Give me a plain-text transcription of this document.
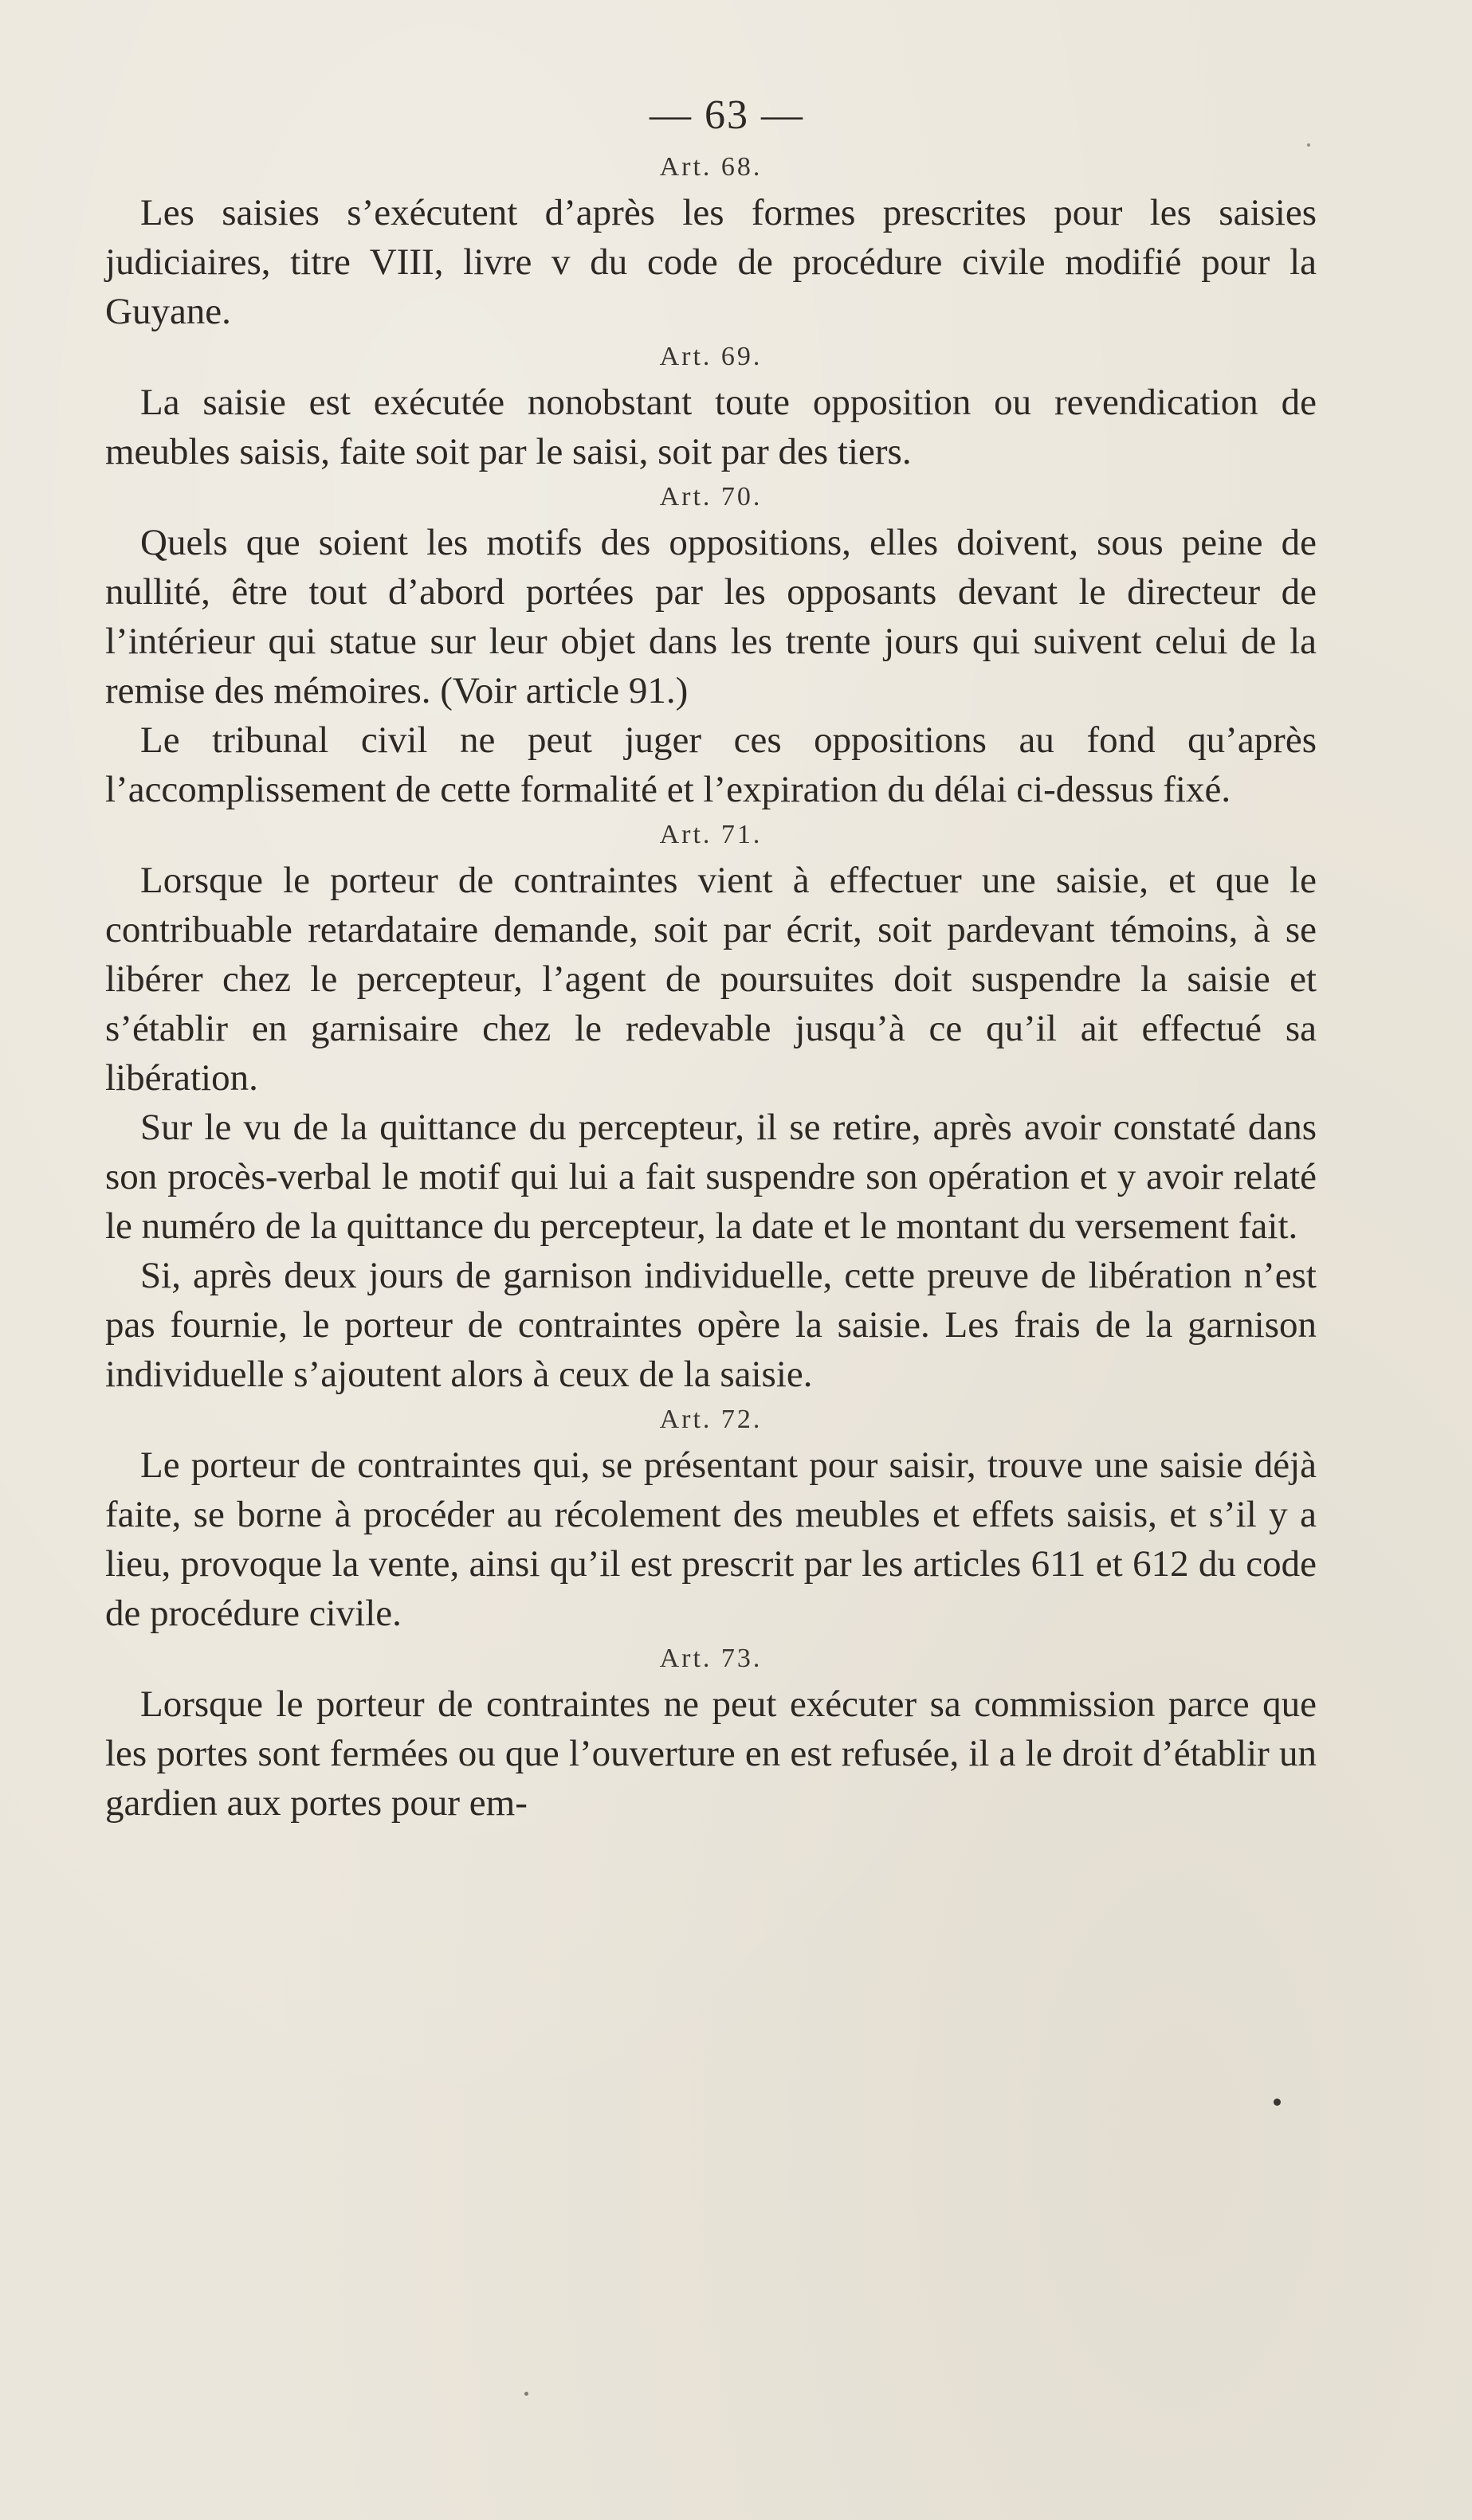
— 63 —
Art. 68.

Les saisies s’exécutent d’après les formes prescrites pour les saisies judiciaires, titre VIII, livre v du code de procédure civile modifié pour la Guyane.

Art. 69.

La saisie est exécutée nonobstant toute opposition ou revendication de meubles saisis, faite soit par le saisi, soit par des tiers.

Art. 70.

Quels que soient les motifs des oppositions, elles doivent, sous peine de nullité, être tout d’abord portées par les opposants devant le directeur de l’intérieur qui statue sur leur objet dans les trente jours qui suivent celui de la remise des mémoires. (Voir article 91.)

Le tribunal civil ne peut juger ces oppositions au fond qu’après l’accomplissement de cette formalité et l’expiration du délai ci-dessus fixé.

Art. 71.

Lorsque le porteur de contraintes vient à effectuer une saisie, et que le contribuable retardataire demande, soit par écrit, soit pardevant témoins, à se libérer chez le percepteur, l’agent de poursuites doit suspendre la saisie et s’établir en garnisaire chez le redevable jusqu’à ce qu’il ait effectué sa libération.

Sur le vu de la quittance du percepteur, il se retire, après avoir constaté dans son procès-verbal le motif qui lui a fait suspendre son opération et y avoir relaté le numéro de la quittance du percepteur, la date et le montant du versement fait.

Si, après deux jours de garnison individuelle, cette preuve de libération n’est pas fournie, le porteur de contraintes opère la saisie. Les frais de la garnison individuelle s’ajoutent alors à ceux de la saisie.

Art. 72.

Le porteur de contraintes qui, se présentant pour saisir, trouve une saisie déjà faite, se borne à procéder au récolement des meubles et effets saisis, et s’il y a lieu, provoque la vente, ainsi qu’il est prescrit par les articles 611 et 612 du code de procédure civile.

Art. 73.

Lorsque le porteur de contraintes ne peut exécuter sa commission parce que les portes sont fermées ou que l’ouverture en est refusée, il a le droit d’établir un gardien aux portes pour em-
